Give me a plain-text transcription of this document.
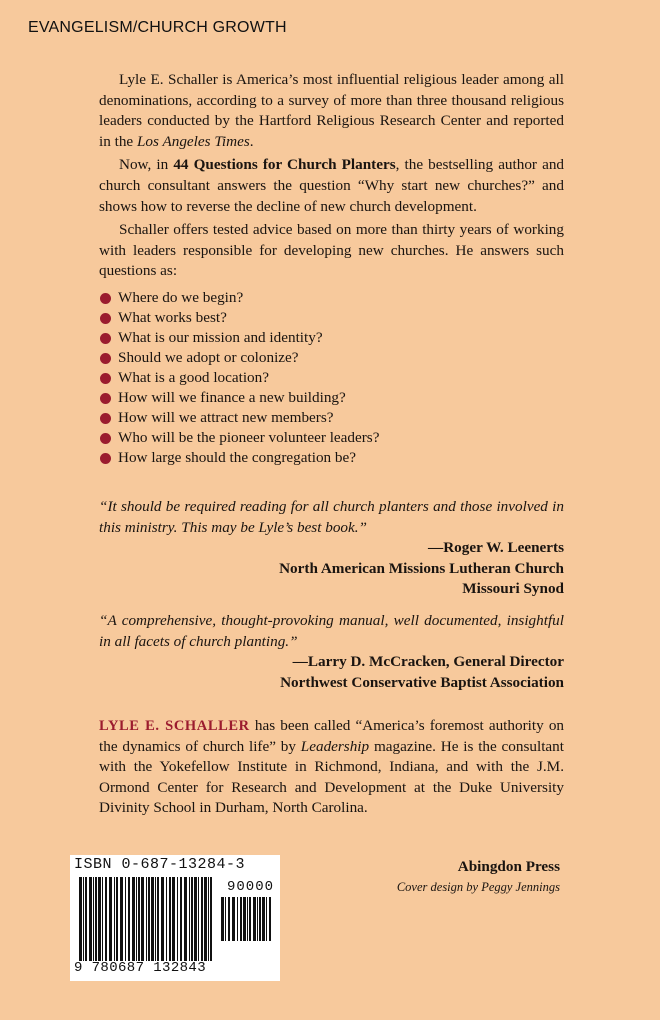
EVANGELISM/CHURCH GROWTH

Lyle E. Schaller is America’s most influential religious leader among all denominations, according to a survey of more than three thousand religious leaders conducted by the Hartford Religious Research Center and reported in the Los Angeles Times.

Now, in 44 Questions for Church Planters, the bestselling author and church consultant answers the question “Why start new churches?” and shows how to reverse the decline of new church development.

Schaller offers tested advice based on more than thirty years of working with leaders responsible for developing new churches. He answers such questions as:

Where do we begin?
What works best?
What is our mission and identity?
Should we adopt or colonize?
What is a good location?
How will we finance a new building?
How will we attract new members?
Who will be the pioneer volunteer leaders?
How large should the congregation be?

“It should be required reading for all church planters and those involved in this ministry. This may be Lyle’s best book.”

—Roger W. Leenerts

North American Missions Lutheran Church

Missouri Synod

“A comprehensive, thought-provoking manual, well documented, insightful in all facets of church planting.”

—Larry D. McCracken, General Director

Northwest Conservative Baptist Association

LYLE E. SCHALLER has been called “America’s foremost authority on the dynamics of church life” by Leadership magazine. He is the consultant with the Yokefellow Institute in Richmond, Indiana, and with the J.M. Ormond Center for Research and Development at the Duke University Divinity School in Durham, North Carolina.
ISBN 0-687-13284-3
90000
9 780687 132843
Abingdon Press
Cover design by Peggy Jennings
